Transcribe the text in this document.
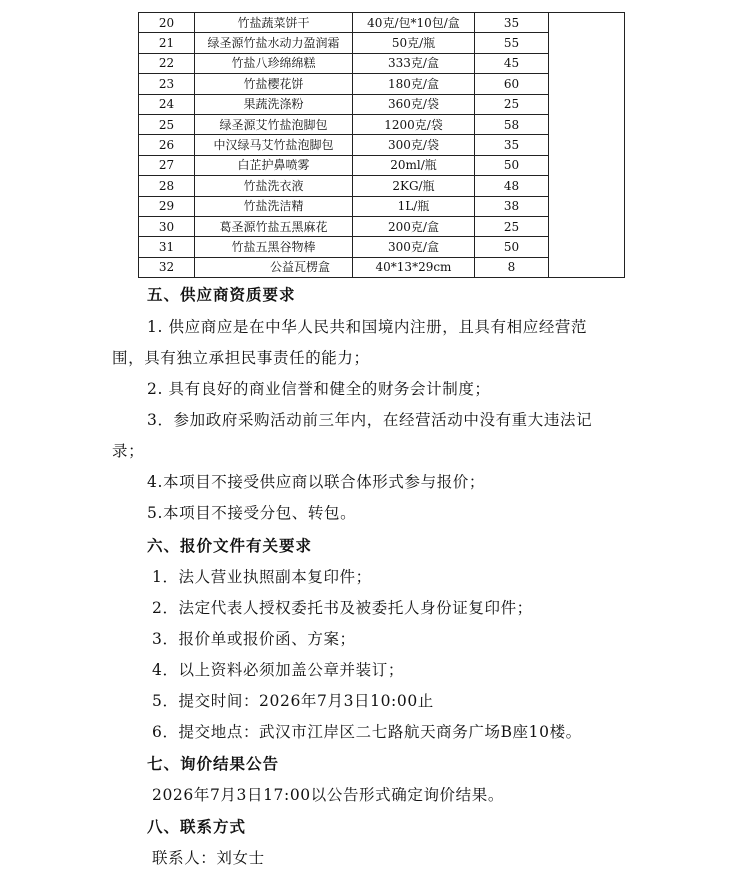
20	竹盐蔬菜饼干	40克/包*10包/盒	35	
21	绿圣源竹盐水动力盈润霜	50克/瓶	55	
22	竹盐八珍绵绵糕	333克/盒	45	
23	竹盐樱花饼	180克/盒	60	
24	果蔬洗涤粉	360克/袋	25	
25	绿圣源艾竹盐泡脚包	1200克/袋	58	
26	中汉绿马艾竹盐泡脚包	300克/袋	35	
27	白芷护鼻喷雾	20ml/瓶	50	
28	竹盐洗衣液	2KG/瓶	48	
29	竹盐洗洁精	1L/瓶	38	
30	葛圣源竹盐五黑麻花	200克/盒	25	
31	竹盐五黑谷物棒	300克/盒	50	
32	公益瓦楞盒	40*13*29cm	8	
五、供应商资质要求
1. 供应商应是在中华人民共和国境内注册，且具有相应经营范
围，具有独立承担民事责任的能力；
2. 具有良好的商业信誉和健全的财务会计制度；
3．参加政府采购活动前三年内，在经营活动中没有重大违法记
录；
4.本项目不接受供应商以联合体形式参与报价；
5.本项目不接受分包、转包。
六、报价文件有关要求
1．法人营业执照副本复印件；
2．法定代表人授权委托书及被委托人身份证复印件；
3．报价单或报价函、方案；
4．以上资料必须加盖公章并装订；
5．提交时间：2026年7月3日10:00止
6．提交地点：武汉市江岸区二七路航天商务广场B座10楼。
七、询价结果公告
2026年7月3日17:00以公告形式确定询价结果。
八、联系方式
联系人：刘女士
